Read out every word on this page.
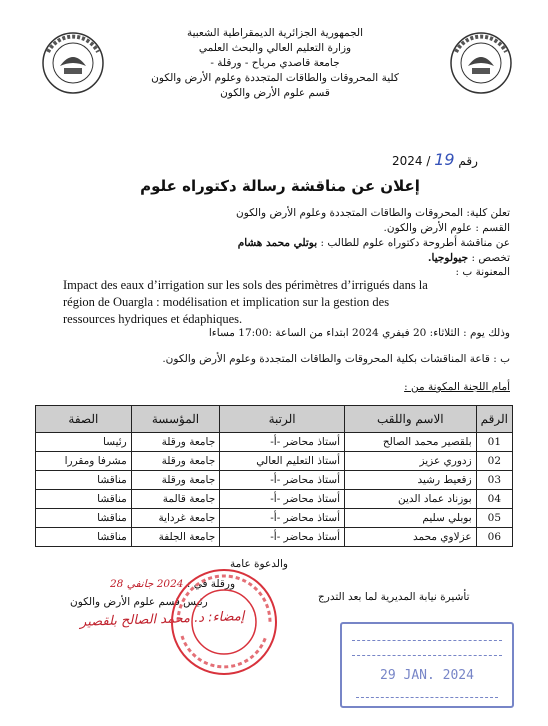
الجمهورية الجزائرية الديمقراطية الشعبية
وزارة التعليم العالي والبحث العلمي
جامعة قاصدي مرباح - ورقلة -
كلية المحروقات والطاقات المتجددة وعلوم الأرض والكون
قسم علوم الأرض والكون
2024 / 19 رقم
إعلان عن مناقشة رسالة دكتوراه علوم
تعلن كلية: المحروقات والطاقات المتجددة وعلوم الأرض والكون
القسم : علوم الأرض والكون.
عن مناقشة أطروحة دكتوراه علوم للطالب : بوتلي محمد هشام
تخصص : جيولوجيا.
المعنونة ب :
Impact des eaux d’irrigation sur les sols des périmètres d’irrigués dans la région de Ouargla : modélisation et implication sur la gestion des ressources hydriques et édaphiques.
وذلك يوم : الثلاثاء: 20 فيفري 2024 ابتداء من الساعة :17:00 مساءا
ب : قاعة المناقشات بكلية المحروقات والطاقات المتجددة وعلوم الأرض والكون.
أمام اللجنة المكونة من :
الرقم	الاسم واللقب	الرتبة	المؤسسة	الصفة
01	بلقصير محمد الصالح	أستاذ محاضر -أ-	جامعة ورقلة	رئيسا
02	زدوري عزيز	أستاذ التعليم العالي	جامعة ورقلة	مشرفا ومقررا
03	زقعيط رشيد	أستاذ محاضر -أ-	جامعة ورقلة	مناقشا
04	بوزناد عماد الدين	أستاذ محاضر -أ-	جامعة قالمة	مناقشا
05	بوبلي سليم	أستاذ محاضر -أ-	جامعة غرداية	مناقشا
06	عزلاوي محمد	أستاذ محاضر -أ-	جامعة الجلفة	مناقشا
والدعوة عامة
ورقلة في : 2024 جانفي 28
رئيس قسم علوم الأرض والكون
إمضاء: د. محمد الصالح بلقصير
تأشيرة نيابة المديرية لما بعد التدرج
29 JAN. 2024
